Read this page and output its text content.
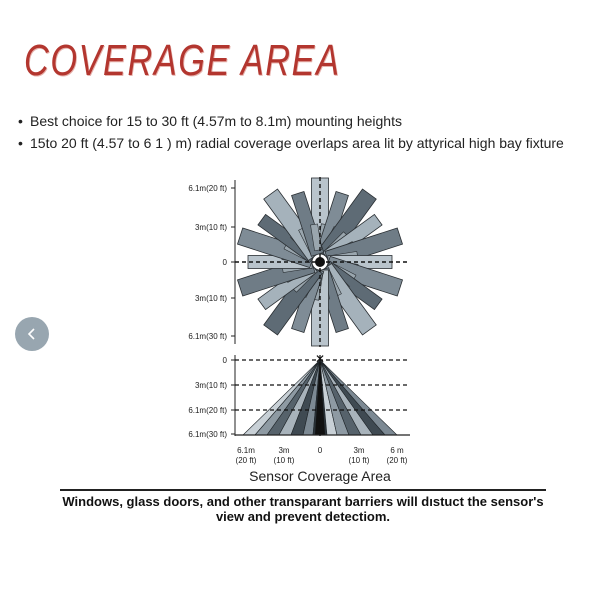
COVERAGE AREA
• Best choice for 15 to 30 ft (4.57m to 8.1m) mounting heights
• 15to 20 ft (4.57 to 6 1 ) m) radial coverage overlaps area lit by attyrical high bay fixture
6.1m(20 ft)
3m(10 ft)
0
3m(10 ft)
6.1m(30 ft)
✕
0
3m(10 ft)
6.1m(20 ft)
6.1m(30 ft)
6.1m
(20 ft)
3m
(10 ft)
0	3m
(10 ft)
6 m
(20 ft)
Sensor Coverage Area
Windows, glass doors, and other transparant barriers will dıstuct the sensor's view and prevent detectiom.
